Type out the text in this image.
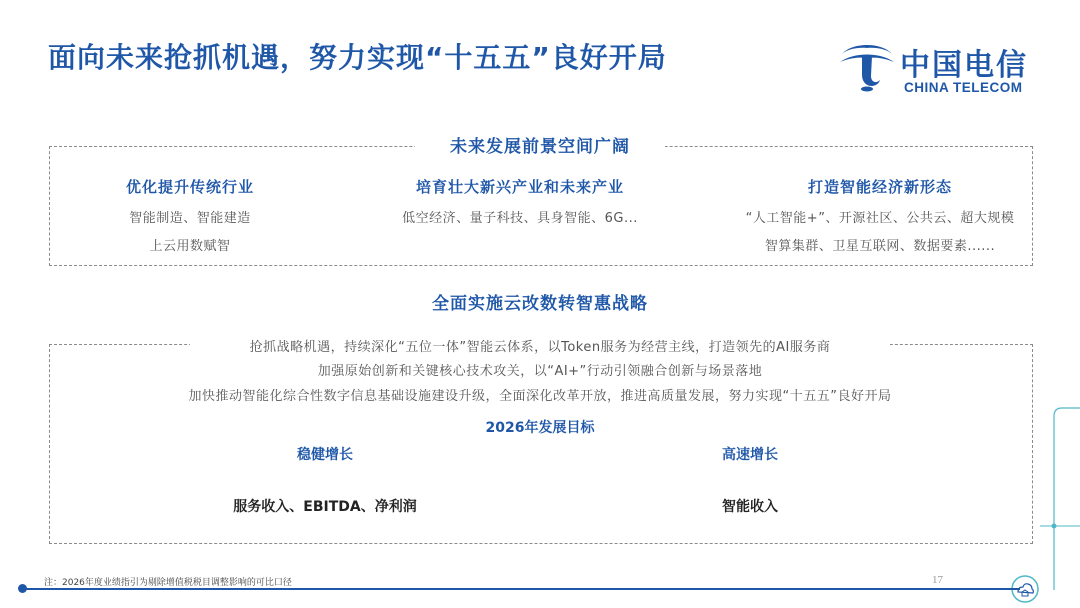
面向未来抢抓机遇，努力实现“十五五”良好开局	中国电信
CHINA TELECOM
未来发展前景空间广阔
优化提升传统行业
智能制造、智能建造
上云用数赋智
培育壮大新兴产业和未来产业
低空经济、量子科技、具身智能、6G...
打造智能经济新形态
“人工智能+”、开源社区、公共云、超大规模
智算集群、卫星互联网、数据要素......
全面实施云改数转智惠战略
抢抓战略机遇，持续深化“五位一体”智能云体系，以Token服务为经营主线，打造领先的AI服务商
加强原始创新和关键核心技术攻关，以“AI+”行动引领融合创新与场景落地
加快推动智能化综合性数字信息基础设施建设升级，全面深化改革开放，推进高质量发展，努力实现“十五五”良好开局
2026年发展目标
稳健增长
服务收入、EBITDA、净利润
高速增长
智能收入
注：2026年度业绩指引为剔除增值税税目调整影响的可比口径	17
